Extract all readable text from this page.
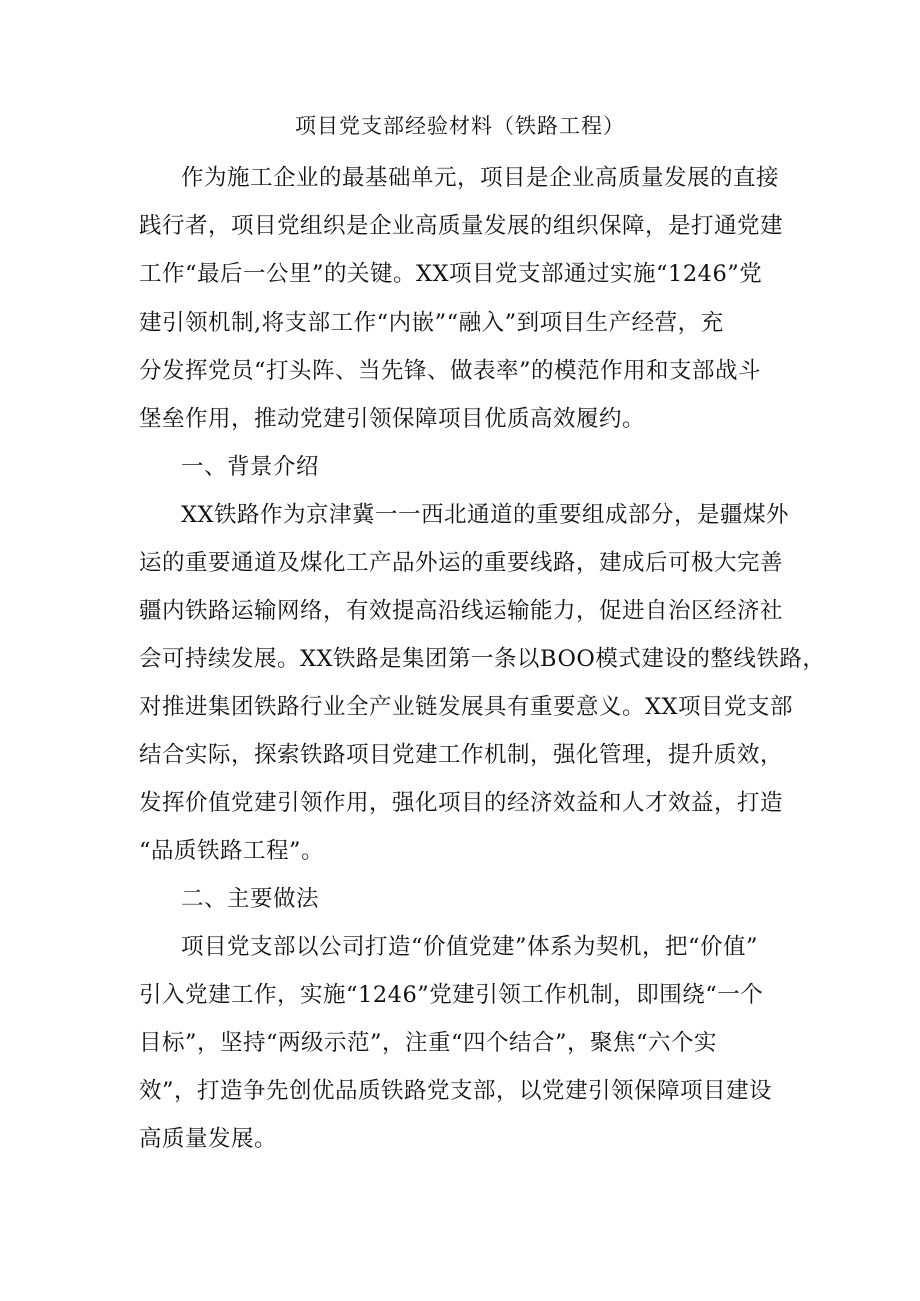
项目党支部经验材料（铁路工程）

作为施工企业的最基础单元，项目是企业高质量发展的直接

践行者，项目党组织是企业高质量发展的组织保障，是打通党建

工作“最后一公里”的关键。XX项目党支部通过实施“1246”党

建引领机制,将支部工作“内嵌”“融入”到项目生产经营，充

分发挥党员“打头阵、当先锋、做表率”的模范作用和支部战斗

堡垒作用，推动党建引领保障项目优质高效履约。

一、背景介绍

XX铁路作为京津冀一一西北通道的重要组成部分，是疆煤外

运的重要通道及煤化工产品外运的重要线路，建成后可极大完善

疆内铁路运输网络，有效提高沿线运输能力，促进自治区经济社

会可持续发展。XX铁路是集团第一条以BOO模式建设的整线铁路，

对推进集团铁路行业全产业链发展具有重要意义。XX项目党支部

结合实际，探索铁路项目党建工作机制，强化管理，提升质效，

发挥价值党建引领作用，强化项目的经济效益和人才效益，打造

“品质铁路工程”。

二、主要做法

项目党支部以公司打造“价值党建”体系为契机，把“价值”

引入党建工作，实施“1246”党建引领工作机制，即围绕“一个

目标”，坚持“两级示范”，注重“四个结合”，聚焦“六个实

效”，打造争先创优品质铁路党支部，以党建引领保障项目建设

高质量发展。
